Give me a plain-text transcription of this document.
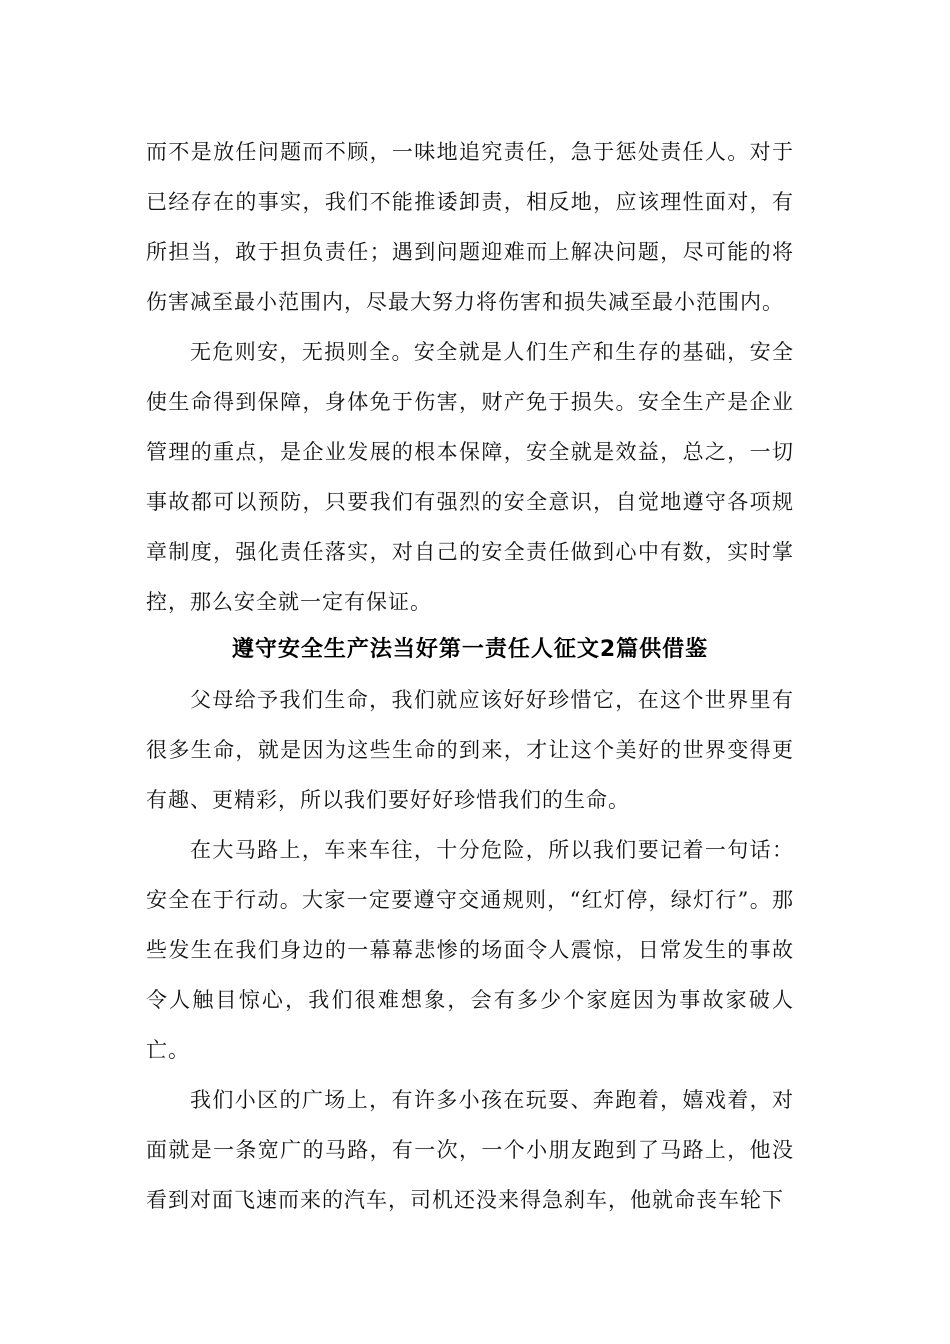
而不是放任问题而不顾，一味地追究责任，急于惩处责任人。对于已经存在的事实，我们不能推诿卸责，相反地，应该理性面对，有所担当，敢于担负责任；遇到问题迎难而上解决问题，尽可能的将伤害减至最小范围内，尽最大努力将伤害和损失减至最小范围内。

无危则安，无损则全。安全就是人们生产和生存的基础，安全使生命得到保障，身体免于伤害，财产免于损失。安全生产是企业管理的重点，是企业发展的根本保障，安全就是效益，总之，一切事故都可以预防，只要我们有强烈的安全意识，自觉地遵守各项规章制度，强化责任落实，对自己的安全责任做到心中有数，实时掌控，那么安全就一定有保证。

遵守安全生产法当好第一责任人征文2篇供借鉴

父母给予我们生命，我们就应该好好珍惜它，在这个世界里有很多生命，就是因为这些生命的到来，才让这个美好的世界变得更有趣、更精彩，所以我们要好好珍惜我们的生命。

在大马路上，车来车往，十分危险，所以我们要记着一句话：安全在于行动。大家一定要遵守交通规则，“红灯停，绿灯行”。那些发生在我们身边的一幕幕悲惨的场面令人震惊，日常发生的事故令人触目惊心，我们很难想象，会有多少个家庭因为事故家破人亡。

我们小区的广场上，有许多小孩在玩耍、奔跑着，嬉戏着，对面就是一条宽广的马路，有一次，一个小朋友跑到了马路上，他没看到对面飞速而来的汽车，司机还没来得急刹车，他就命丧车轮下
